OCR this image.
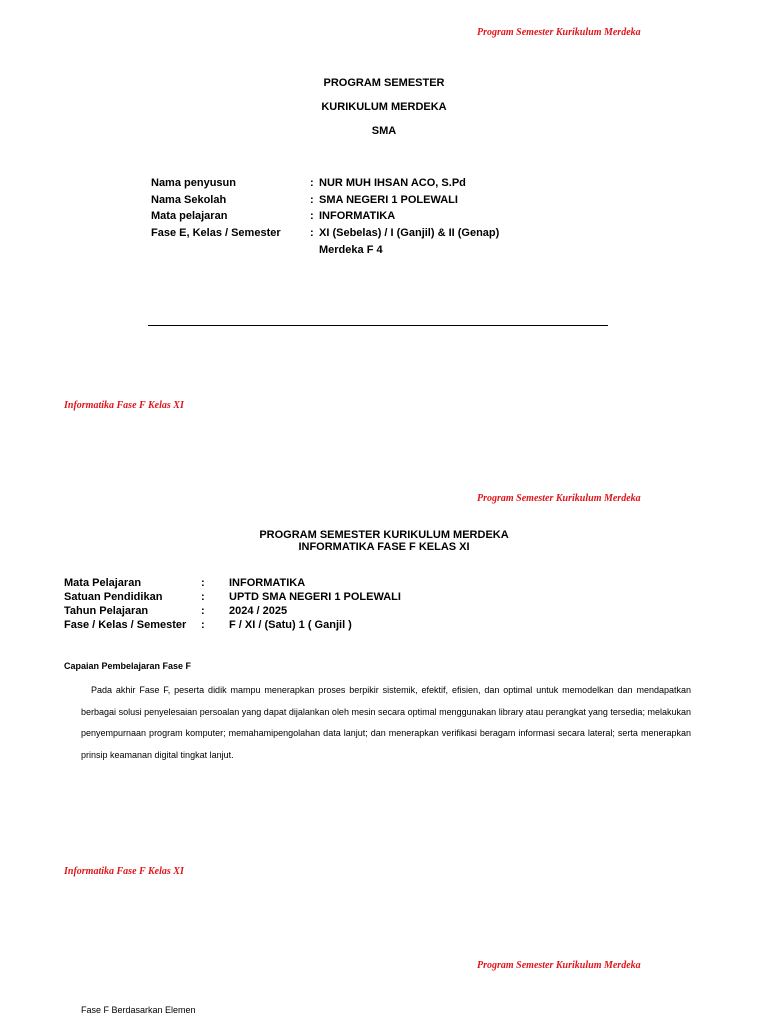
Program Semester Kurikulum Merdeka
PROGRAM SEMESTER
KURIKULUM MERDEKA
SMA
Nama penyusun	: NUR MUH IHSAN ACO, S.Pd
Nama Sekolah	: SMA NEGERI 1 POLEWALI
Mata pelajaran	: INFORMATIKA
Fase E, Kelas / Semester	: XI (Sebelas) / I (Ganjil) & II (Genap)
Merdeka F 4
Informatika Fase F Kelas XI
Program Semester Kurikulum Merdeka
PROGRAM SEMESTER KURIKULUM MERDEKA
INFORMATIKA FASE F KELAS XI
Mata Pelajaran	: INFORMATIKA
Satuan Pendidikan	: UPTD SMA NEGERI 1 POLEWALI
Tahun Pelajaran	: 2024 / 2025
Fase / Kelas / Semester : F / XI / (Satu) 1 ( Ganjil )
Capaian Pembelajaran Fase F
Pada akhir Fase F, peserta didik mampu menerapkan proses berpikir sistemik, efektif, efisien, dan optimal untuk memodelkan dan mendapatkan berbagai solusi penyelesaian persoalan yang dapat dijalankan oleh mesin secara optimal menggunakan library atau perangkat yang tersedia; melakukan penyempurnaan program komputer; memahamipengolahan data lanjut; dan menerapkan verifikasi beragam informasi secara lateral; serta menerapkan prinsip keamanan digital tingkat lanjut.
Informatika Fase F Kelas XI
Program Semester Kurikulum Merdeka
Fase F Berdasarkan Elemen
